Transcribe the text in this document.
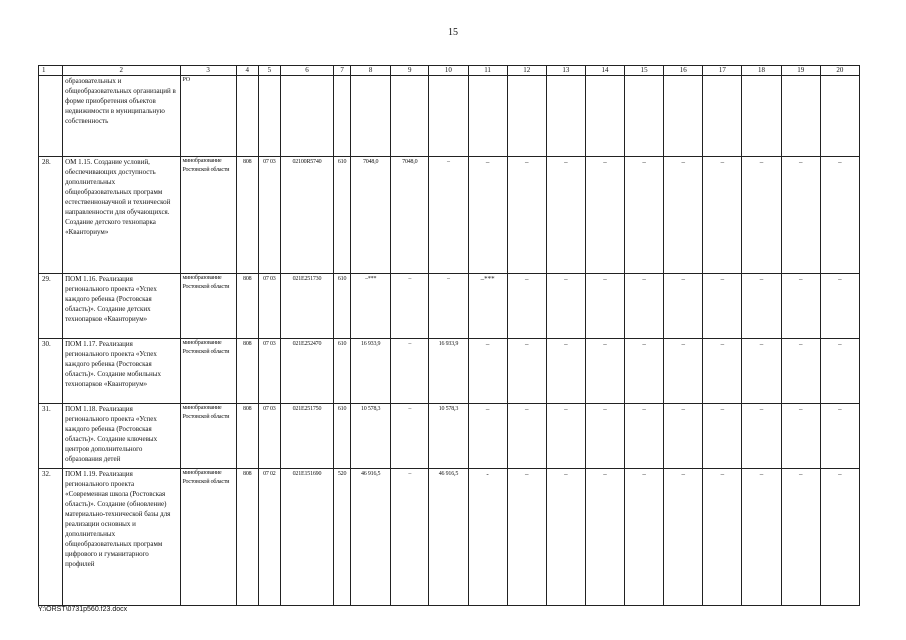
15
1	2	3	4	5	6	7	8	9	10	11	12	13	14	15	16	17	18	19	20
	образовательных и общеобразовательных организаций в форме приобретения объектов недвижимости в муниципальную собственность	РО																	
28.	ОМ 1.15. Создание условий, обеспечивающих доступность дополнительных общеобразовательных программ естественнонаучной и технической направленности для обучающихся. Создание детского технопарка «Кванториум»	минобразование Ростовской области	808	07 03	02100R5740	610	7048,0	7048,0	–	–	–	–	–	–	–	–	–	–	–
29.	ПОМ 1.16. Реализация регионального проекта «Успех каждого ребенка (Ростовская область)». Создание детских технопарков «Кванториум»	минобразование Ростовской области	808	07 03	021E251730	610	–***	–	–	–***	–	–	–	–	–	–	–	–	–
30.	ПОМ 1.17. Реализация регионального проекта «Успех каждого ребенка (Ростовская область)». Создание мобильных технопарков «Кванториум»	минобразование Ростовской области	808	07 03	021E252470	610	16 933,9	–	16 933,9	–	–	–	–	–	–	–	–	–	–
31.	ПОМ 1.18. Реализация регионального проекта «Успех каждого ребенка (Ростовская область)». Создание ключевых центров дополнительного образования детей	минобразование Ростовской области	808	07 03	021E251750	610	10 578,3	–	10 578,3	–	–	–	–	–	–	–	–	–	–
32.	ПОМ 1.19. Реализация регионального проекта «Современная школа (Ростовская область)». Создание (обновление) материально-технической базы для реализации основных и дополнительных общеобразовательных программ цифрового и гуманитарного профилей	минобразование Ростовской области	808	07 02	021E151690	520	46 916,5	–	46 916,5	-	–	–	–	–	–	–	–	–	–
Y:\ORST\0731p560.f23.docx
